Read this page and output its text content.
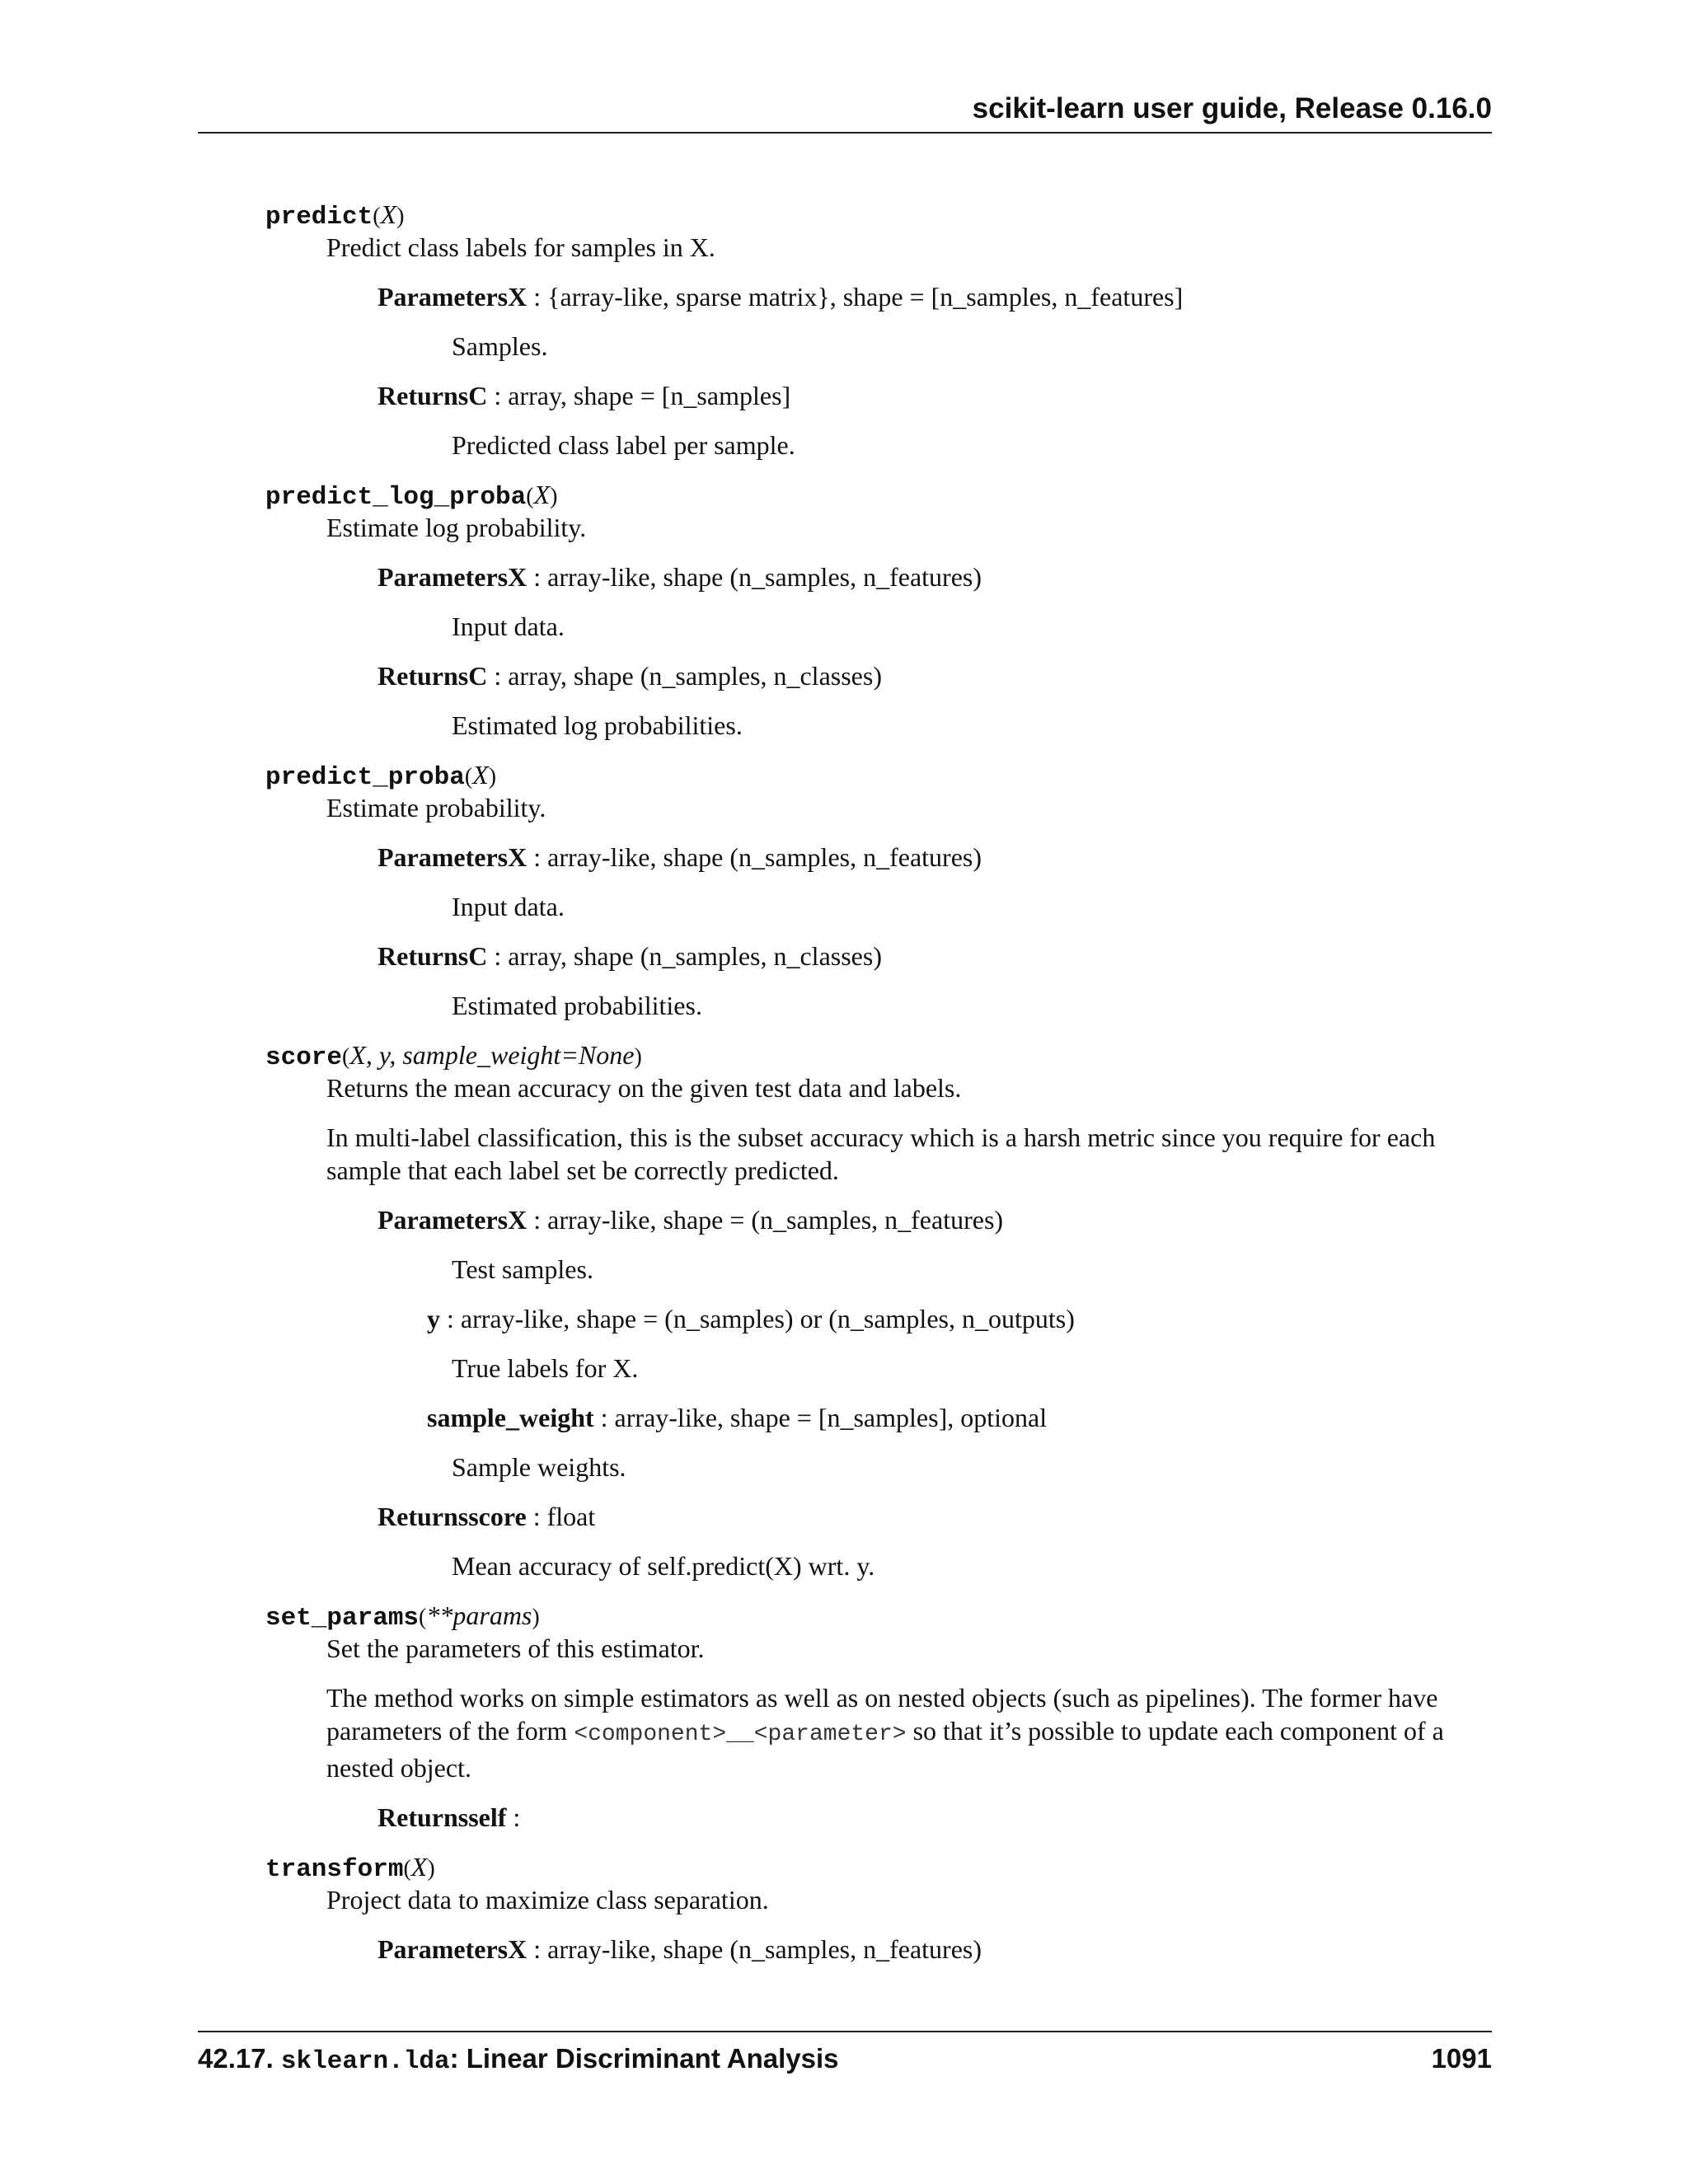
scikit-learn user guide, Release 0.16.0
predict(X)

Predict class labels for samples in X.

ParametersX : {array-like, sparse matrix}, shape = [n_samples, n_features]
Samples.
ReturnsC : array, shape = [n_samples]
Predicted class label per sample.
predict_log_proba(X)

Estimate log probability.

ParametersX : array-like, shape (n_samples, n_features)
Input data.
ReturnsC : array, shape (n_samples, n_classes)
Estimated log probabilities.
predict_proba(X)

Estimate probability.

ParametersX : array-like, shape (n_samples, n_features)
Input data.
ReturnsC : array, shape (n_samples, n_classes)
Estimated probabilities.
score(X, y, sample_weight=None)

Returns the mean accuracy on the given test data and labels.

In multi-label classification, this is the subset accuracy which is a harsh metric since you require for each sample that each label set be correctly predicted.
ParametersX : array-like, shape = (n_samples, n_features)
Test samples.
y : array-like, shape = (n_samples) or (n_samples, n_outputs)
True labels for X.
sample_weight : array-like, shape = [n_samples], optional
Sample weights.
Returnsscore : float
Mean accuracy of self.predict(X) wrt. y.
set_params(**params)

Set the parameters of this estimator.

The method works on simple estimators as well as on nested objects (such as pipelines). The former have parameters of the form <component>__<parameter> so that it’s possible to update each component of a nested object.
Returnsself :
transform(X)

Project data to maximize class separation.

ParametersX : array-like, shape (n_samples, n_features)
42.17. sklearn.lda: Linear Discriminant Analysis	1091
